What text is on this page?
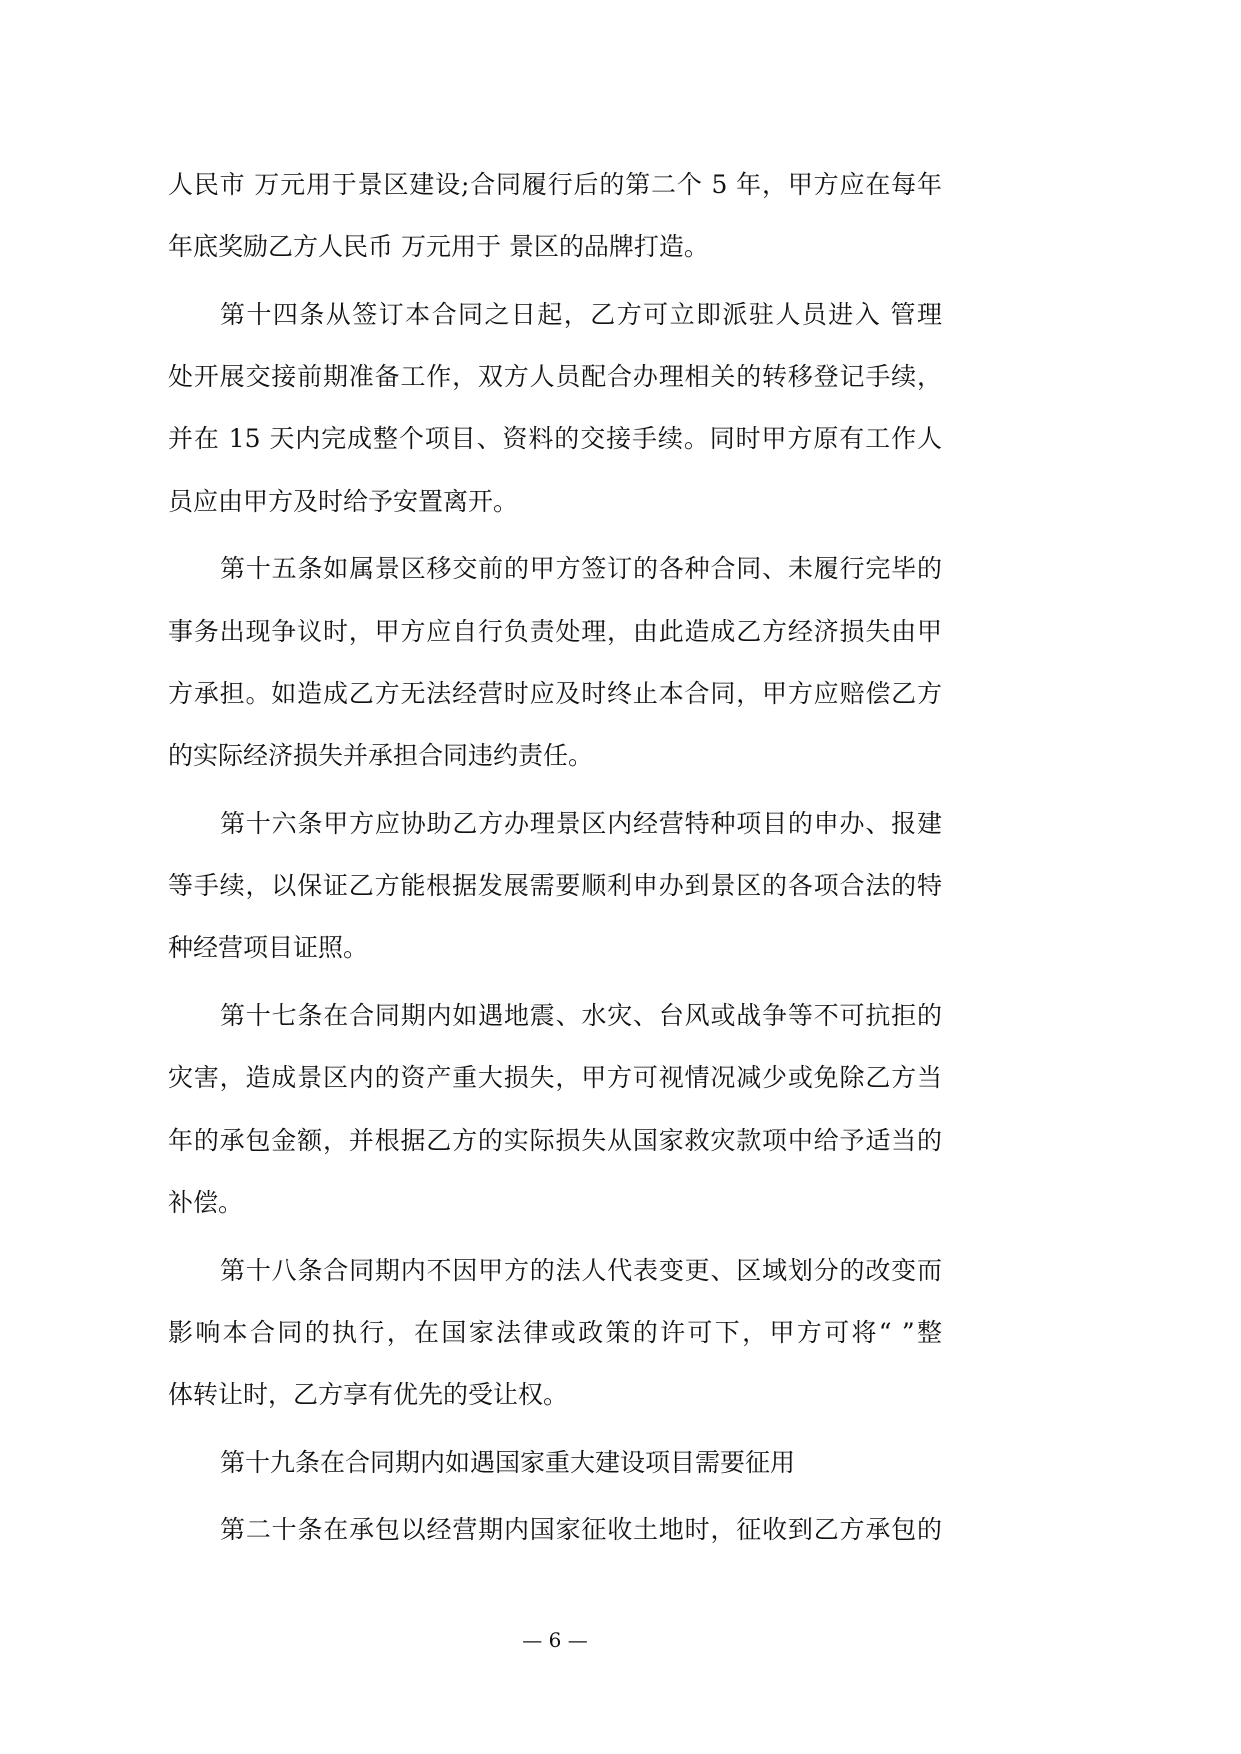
人民市 万元用于景区建设;合同履行后的第二个 5 年，甲方应在每年
年底奖励乙方人民币 万元用于 景区的品牌打造。
第十四条从签订本合同之日起，乙方可立即派驻人员进入 管理
处开展交接前期准备工作，双方人员配合办理相关的转移登记手续，
并在 15 天内完成整个项目、资料的交接手续。同时甲方原有工作人
员应由甲方及时给予安置离开。
第十五条如属景区移交前的甲方签订的各种合同、未履行完毕的
事务出现争议时，甲方应自行负责处理，由此造成乙方经济损失由甲
方承担。如造成乙方无法经营时应及时终止本合同，甲方应赔偿乙方
的实际经济损失并承担合同违约责任。
第十六条甲方应协助乙方办理景区内经营特种项目的申办、报建
等手续，以保证乙方能根据发展需要顺利申办到景区的各项合法的特
种经营项目证照。
第十七条在合同期内如遇地震、水灾、台风或战争等不可抗拒的
灾害，造成景区内的资产重大损失，甲方可视情况减少或免除乙方当
年的承包金额，并根据乙方的实际损失从国家救灾款项中给予适当的
补偿。
第十八条合同期内不因甲方的法人代表变更、区域划分的改变而
影响本合同的执行，在国家法律或政策的许可下，甲方可将“ ”整
体转让时，乙方享有优先的受让权。
第十九条在合同期内如遇国家重大建设项目需要征用
第二十条在承包以经营期内国家征收土地时，征收到乙方承包的
— 6 —
